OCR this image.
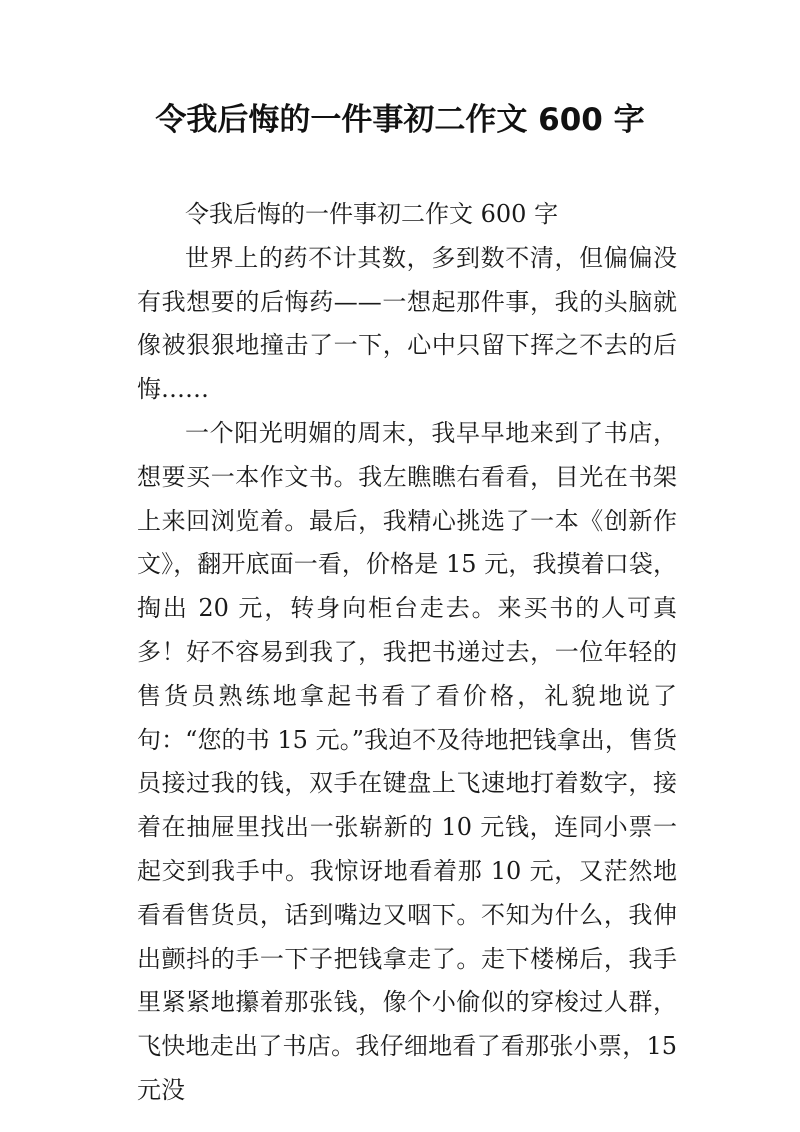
令我后悔的一件事初二作文 600 字

令我后悔的一件事初二作文 600 字

世界上的药不计其数，多到数不清，但偏偏没有我想要的后悔药——一想起那件事，我的头脑就像被狠狠地撞击了一下，心中只留下挥之不去的后悔……

一个阳光明媚的周末，我早早地来到了书店，想要买一本作文书。我左瞧瞧右看看，目光在书架上来回浏览着。最后，我精心挑选了一本《创新作文》，翻开底面一看，价格是 15 元，我摸着口袋，掏出 20 元，转身向柜台走去。来买书的人可真多！好不容易到我了，我把书递过去，一位年轻的售货员熟练地拿起书看了看价格，礼貌地说了句：“您的书 15 元。”我迫不及待地把钱拿出，售货员接过我的钱，双手在键盘上飞速地打着数字，接着在抽屉里找出一张崭新的 10 元钱，连同小票一起交到我手中。我惊讶地看着那 10 元，又茫然地看看售货员，话到嘴边又咽下。不知为什么，我伸出颤抖的手一下子把钱拿走了。走下楼梯后，我手里紧紧地攥着那张钱，像个小偷似的穿梭过人群，飞快地走出了书店。我仔细地看了看那张小票，15 元没
